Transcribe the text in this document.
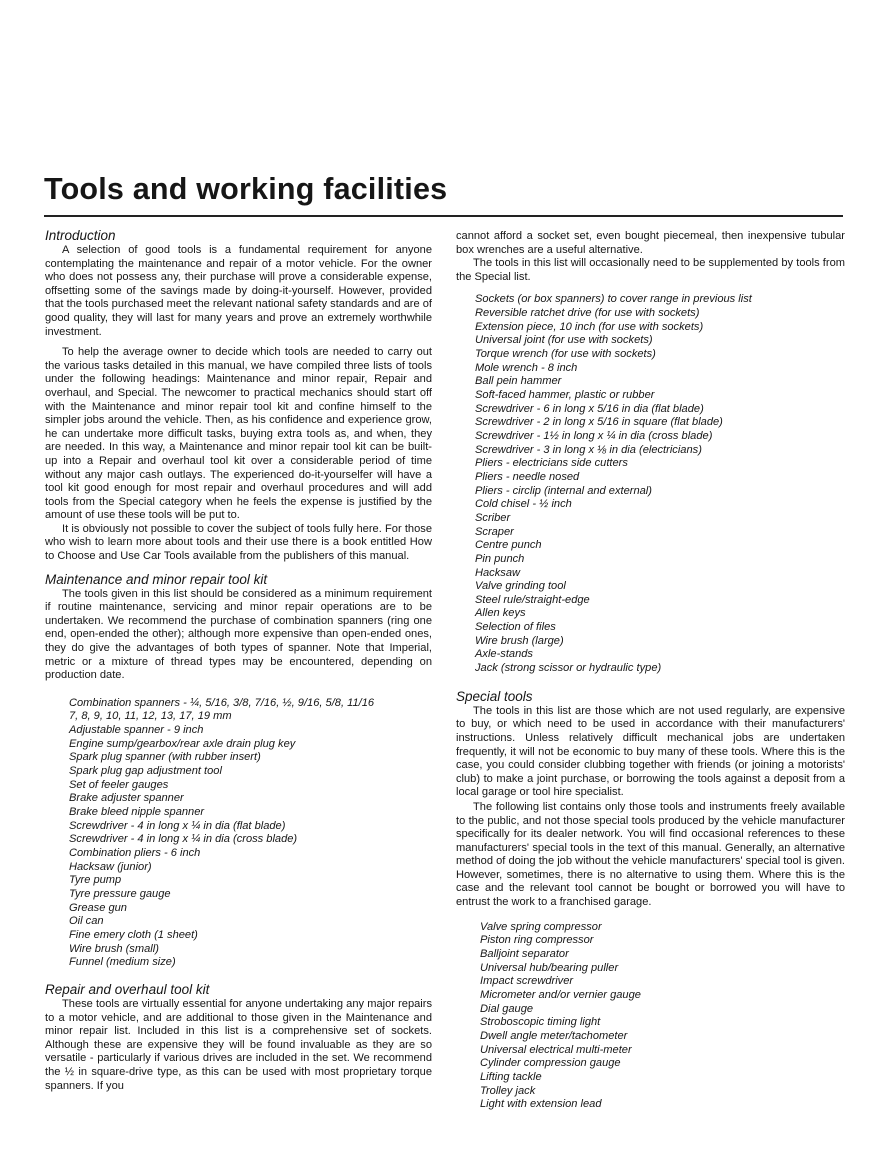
Tools and working facilities
Introduction

A selection of good tools is a fundamental requirement for anyone contemplating the maintenance and repair of a motor vehicle. For the owner who does not possess any, their purchase will prove a considerable expense, offsetting some of the savings made by doing-it-yourself. However, provided that the tools purchased meet the relevant national safety standards and are of good quality, they will last for many years and prove an extremely worthwhile investment.

To help the average owner to decide which tools are needed to carry out the various tasks detailed in this manual, we have compiled three lists of tools under the following headings: Maintenance and minor repair, Repair and overhaul, and Special. The newcomer to practical mechanics should start off with the Maintenance and minor repair tool kit and confine himself to the simpler jobs around the vehicle. Then, as his confidence and experience grow, he can undertake more difficult tasks, buying extra tools as, and when, they are needed. In this way, a Maintenance and minor repair tool kit can be built-up into a Repair and overhaul tool kit over a considerable period of time without any major cash outlays. The experienced do-it-yourselfer will have a tool kit good enough for most repair and overhaul procedures and will add tools from the Special category when he feels the expense is justified by the amount of use these tools will be put to.

It is obviously not possible to cover the subject of tools fully here. For those who wish to learn more about tools and their use there is a book entitled How to Choose and Use Car Tools available from the publishers of this manual.

Maintenance and minor repair tool kit

The tools given in this list should be considered as a minimum requirement if routine maintenance, servicing and minor repair operations are to be undertaken. We recommend the purchase of combination spanners (ring one end, open-ended the other); although more expensive than open-ended ones, they do give the advantages of both types of spanner. Note that Imperial, metric or a mixture of thread types may be encountered, depending on production date.

Combination spanners - ¼, 5/16, 3/8, 7/16, ½, 9/16, 5/8, 11/16
7, 8, 9, 10, 11, 12, 13, 17, 19 mm
Adjustable spanner - 9 inch
Engine sump/gearbox/rear axle drain plug key
Spark plug spanner (with rubber insert)
Spark plug gap adjustment tool
Set of feeler gauges
Brake adjuster spanner
Brake bleed nipple spanner
Screwdriver - 4 in long x ¼ in dia (flat blade)
Screwdriver - 4 in long x ¼ in dia (cross blade)
Combination pliers - 6 inch
Hacksaw (junior)
Tyre pump
Tyre pressure gauge
Grease gun
Oil can
Fine emery cloth (1 sheet)
Wire brush (small)
Funnel (medium size)
Repair and overhaul tool kit

These tools are virtually essential for anyone undertaking any major repairs to a motor vehicle, and are additional to those given in the Maintenance and minor repair list. Included in this list is a comprehensive set of sockets. Although these are expensive they will be found invaluable as they are so versatile - particularly if various drives are included in the set. We recommend the ½ in square-drive type, as this can be used with most proprietary torque spanners. If you

cannot afford a socket set, even bought piecemeal, then inexpensive tubular box wrenches are a useful alternative.

The tools in this list will occasionally need to be supplemented by tools from the Special list.

Sockets (or box spanners) to cover range in previous list
Reversible ratchet drive (for use with sockets)
Extension piece, 10 inch (for use with sockets)
Universal joint (for use with sockets)
Torque wrench (for use with sockets)
Mole wrench - 8 inch
Ball pein hammer
Soft-faced hammer, plastic or rubber
Screwdriver - 6 in long x 5/16 in dia (flat blade)
Screwdriver - 2 in long x 5/16 in square (flat blade)
Screwdriver - 1½ in long x ¼ in dia (cross blade)
Screwdriver - 3 in long x ⅛ in dia (electricians)
Pliers - electricians side cutters
Pliers - needle nosed
Pliers - circlip (internal and external)
Cold chisel - ½ inch
Scriber
Scraper
Centre punch
Pin punch
Hacksaw
Valve grinding tool
Steel rule/straight-edge
Allen keys
Selection of files
Wire brush (large)
Axle-stands
Jack (strong scissor or hydraulic type)
Special tools

The tools in this list are those which are not used regularly, are expensive to buy, or which need to be used in accordance with their manufacturers' instructions. Unless relatively difficult mechanical jobs are undertaken frequently, it will not be economic to buy many of these tools. Where this is the case, you could consider clubbing together with friends (or joining a motorists' club) to make a joint purchase, or borrowing the tools against a deposit from a local garage or tool hire specialist.

The following list contains only those tools and instruments freely available to the public, and not those special tools produced by the vehicle manufacturer specifically for its dealer network. You will find occasional references to these manufacturers' special tools in the text of this manual. Generally, an alternative method of doing the job without the vehicle manufacturers' special tool is given. However, sometimes, there is no alternative to using them. Where this is the case and the relevant tool cannot be bought or borrowed you will have to entrust the work to a franchised garage.

Valve spring compressor
Piston ring compressor
Balljoint separator
Universal hub/bearing puller
Impact screwdriver
Micrometer and/or vernier gauge
Dial gauge
Stroboscopic timing light
Dwell angle meter/tachometer
Universal electrical multi-meter
Cylinder compression gauge
Lifting tackle
Trolley jack
Light with extension lead
